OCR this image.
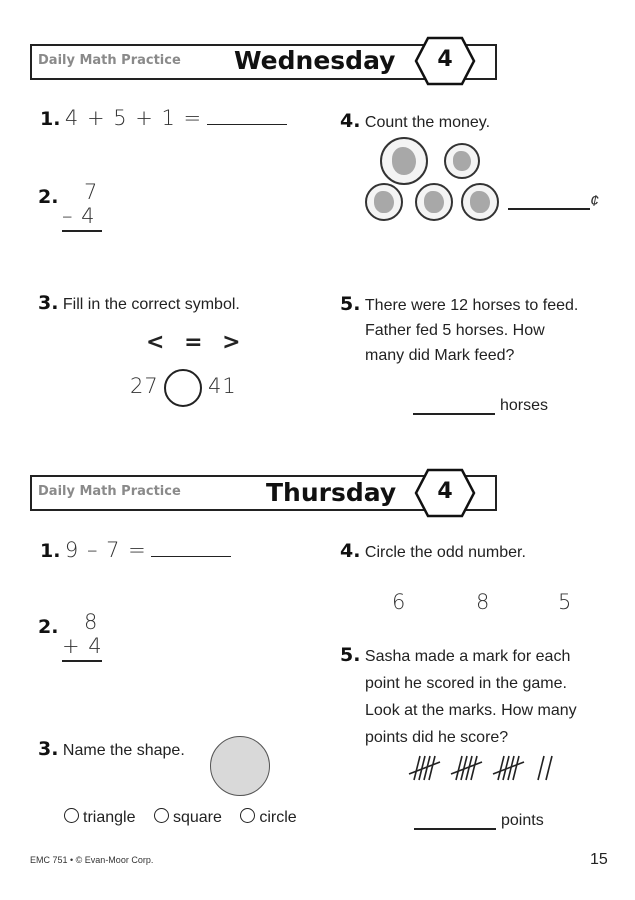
Daily Math Practice Wednesday	4
1. 4 + 5 + 1 =
2. 7
– 4
3. Fill in the correct symbol.
< = >
27 41
4. Count the money.
¢
5. There were 12 horses to feed.
Father fed 5 horses. How
many did Mark feed?
horses
Daily Math Practice	Thursday	4
1. 9 – 7 =
2. 8
+ 4
3. Name the shape.
triangle square circle
4. Circle the odd number.
6	8	5
5. Sasha made a mark for each
point he scored in the game.
Look at the marks. How many
points did he score?
points
EMC 751 • © Evan-Moor Corp.	15
